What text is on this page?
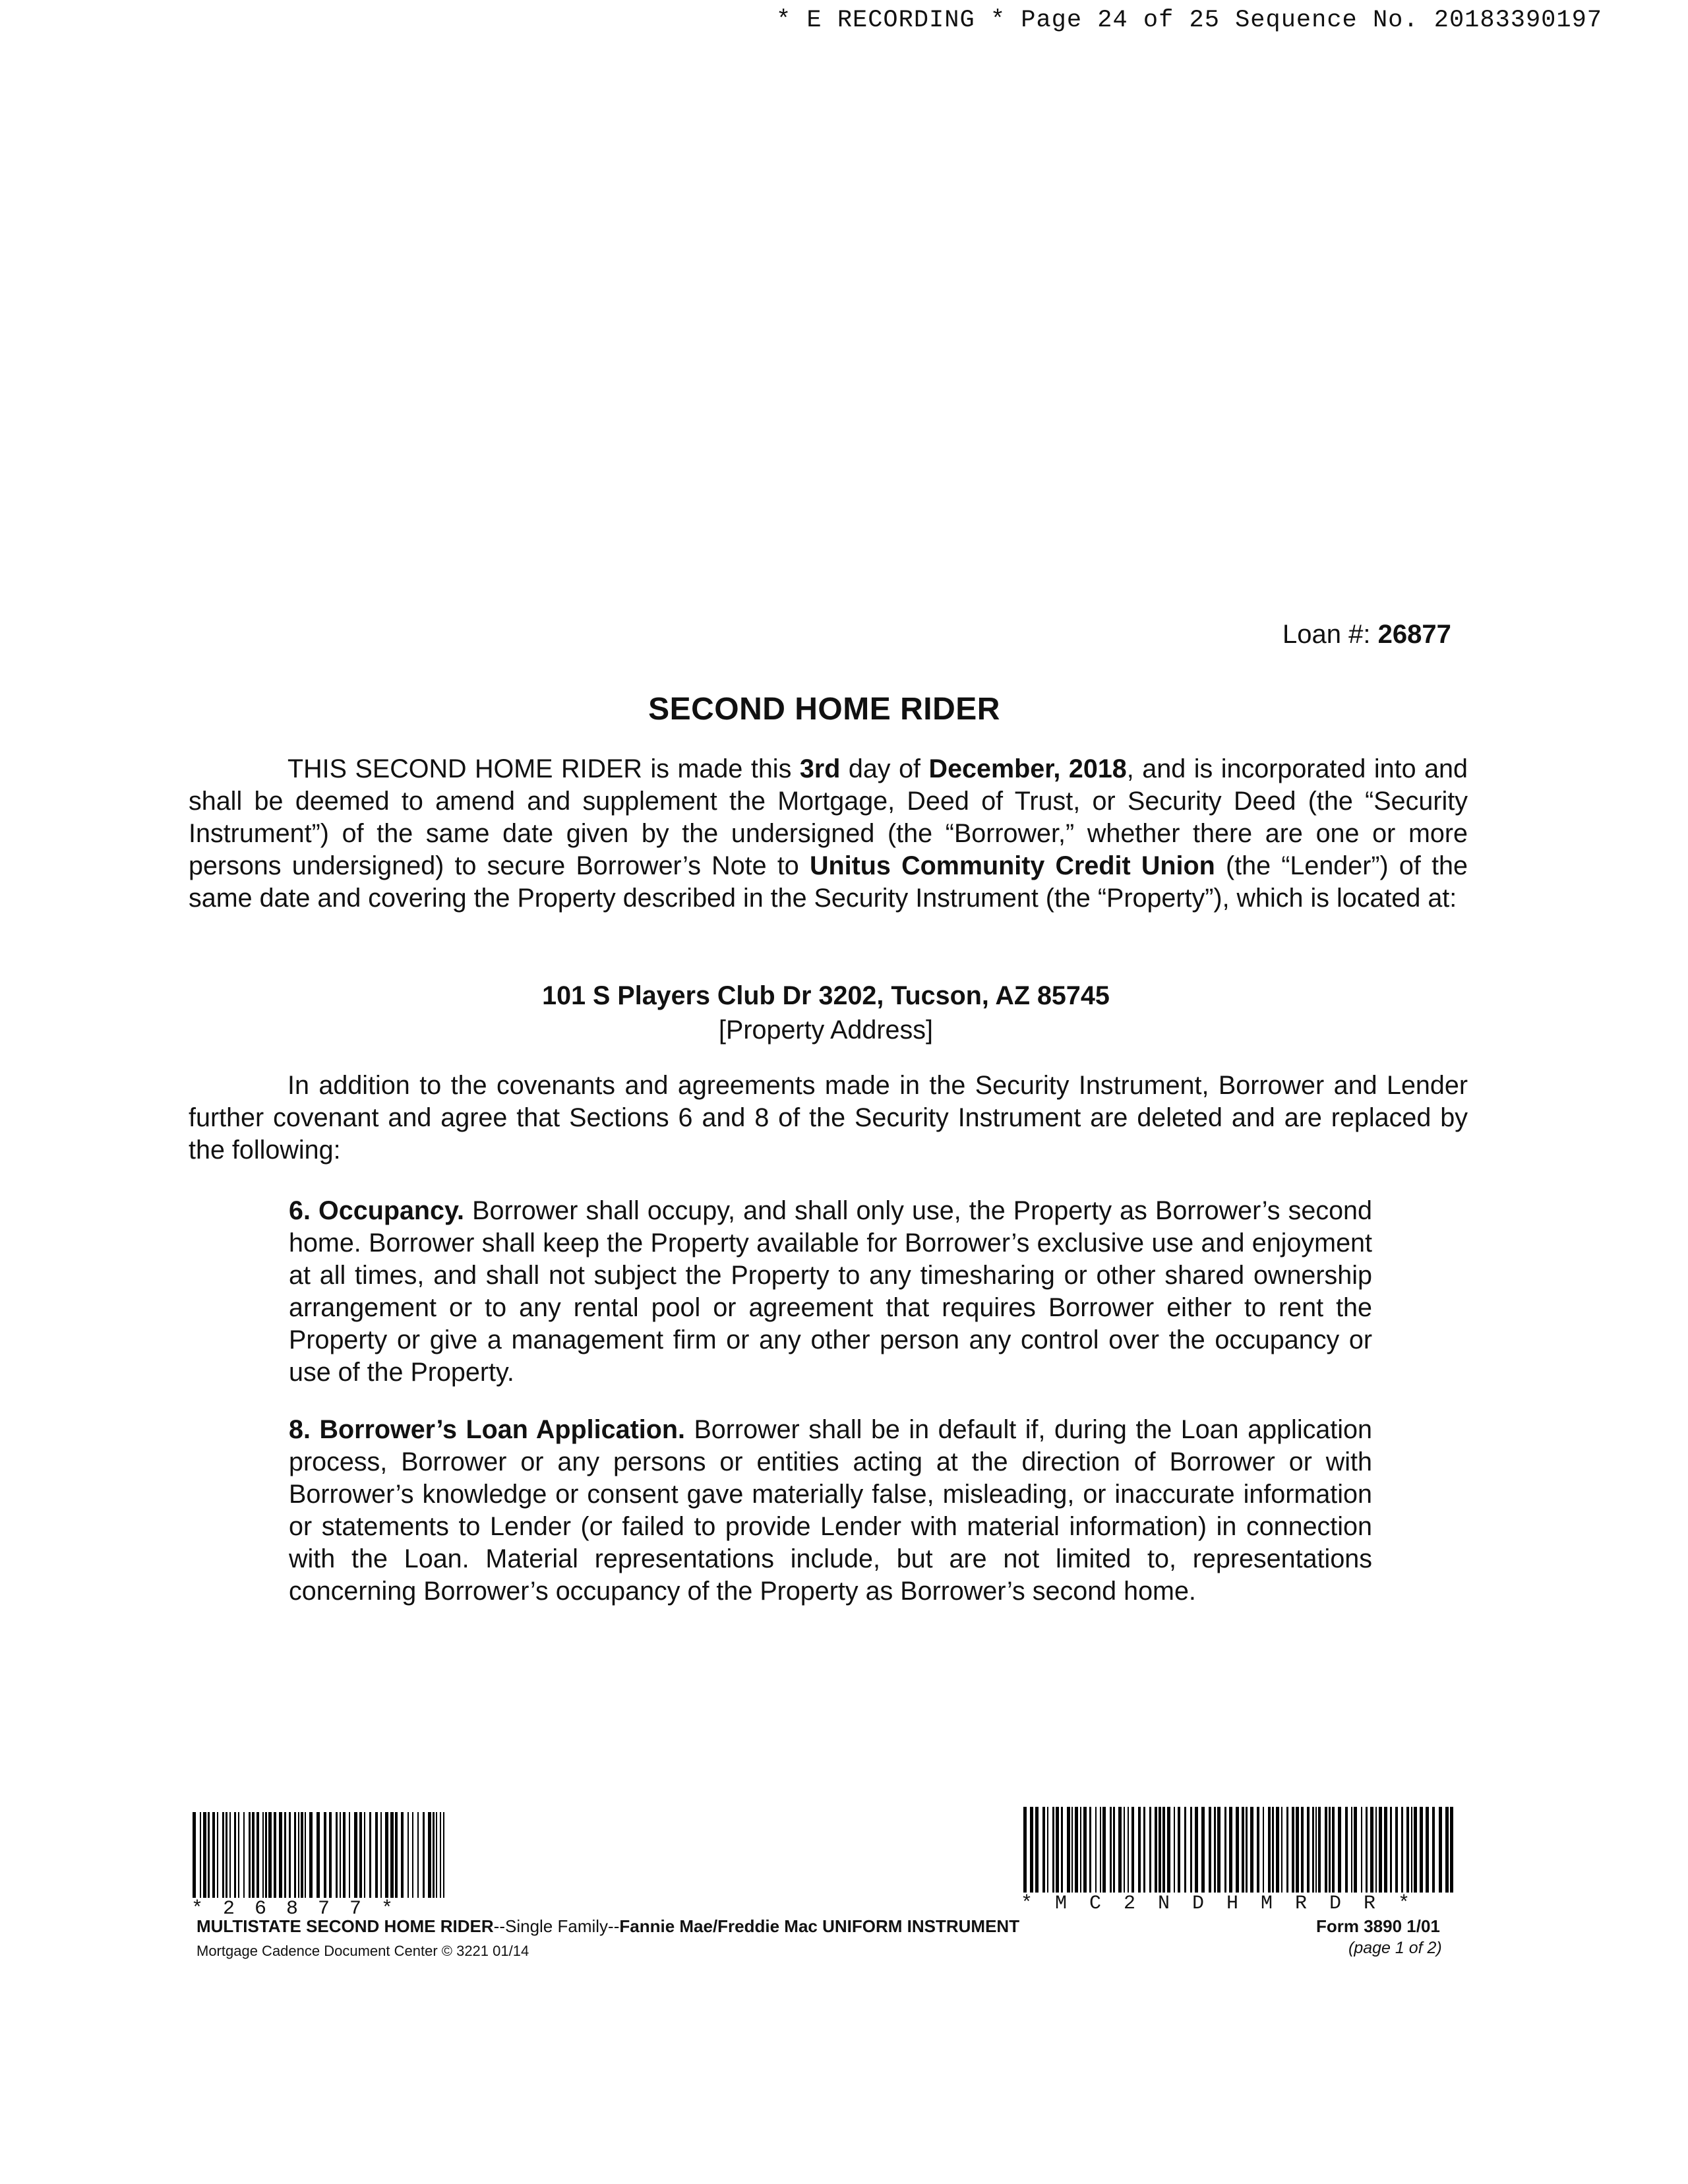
* E RECORDING * Page 24 of 25 Sequence No. 20183390197
Loan #: 26877
SECOND HOME RIDER
THIS SECOND HOME RIDER is made this 3rd day of December, 2018, and is incorporated into and shall be deemed to amend and supplement the Mortgage, Deed of Trust, or Security Deed (the “Security Instrument”) of the same date given by the undersigned (the “Borrower,” whether there are one or more persons undersigned) to secure Borrower’s Note to Unitus Community Credit Union (the “Lender”) of the same date and covering the Property described in the Security Instrument (the “Property”), which is located at:
101 S Players Club Dr 3202, Tucson, AZ 85745
[Property Address]
In addition to the covenants and agreements made in the Security Instrument, Borrower and Lender further covenant and agree that Sections 6 and 8 of the Security Instrument are deleted and are replaced by the following:
6. Occupancy. Borrower shall occupy, and shall only use, the Property as Borrower’s second home. Borrower shall keep the Property available for Borrower’s exclusive use and enjoyment at all times, and shall not subject the Property to any timesharing or other shared ownership arrangement or to any rental pool or agreement that requires Borrower either to rent the Property or give a management firm or any other person any control over the occupancy or use of the Property.
8. Borrower’s Loan Application. Borrower shall be in default if, during the Loan application process, Borrower or any persons or entities acting at the direction of Borrower or with Borrower’s knowledge or consent gave materially false, misleading, or inaccurate information or statements to Lender (or failed to provide Lender with material information) in connection with the Loan. Material representations include, but are not limited to, representations concerning Borrower’s occupancy of the Property as Borrower’s second home.
* 2 6 8 7 7 *	* M C 2 N D H M R D R *
MULTISTATE SECOND HOME RIDER--Single Family--Fannie Mae/Freddie Mac UNIFORM INSTRUMENT
Mortgage Cadence Document Center © 3221 01/14
Form 3890 1/01
(page 1 of 2)
